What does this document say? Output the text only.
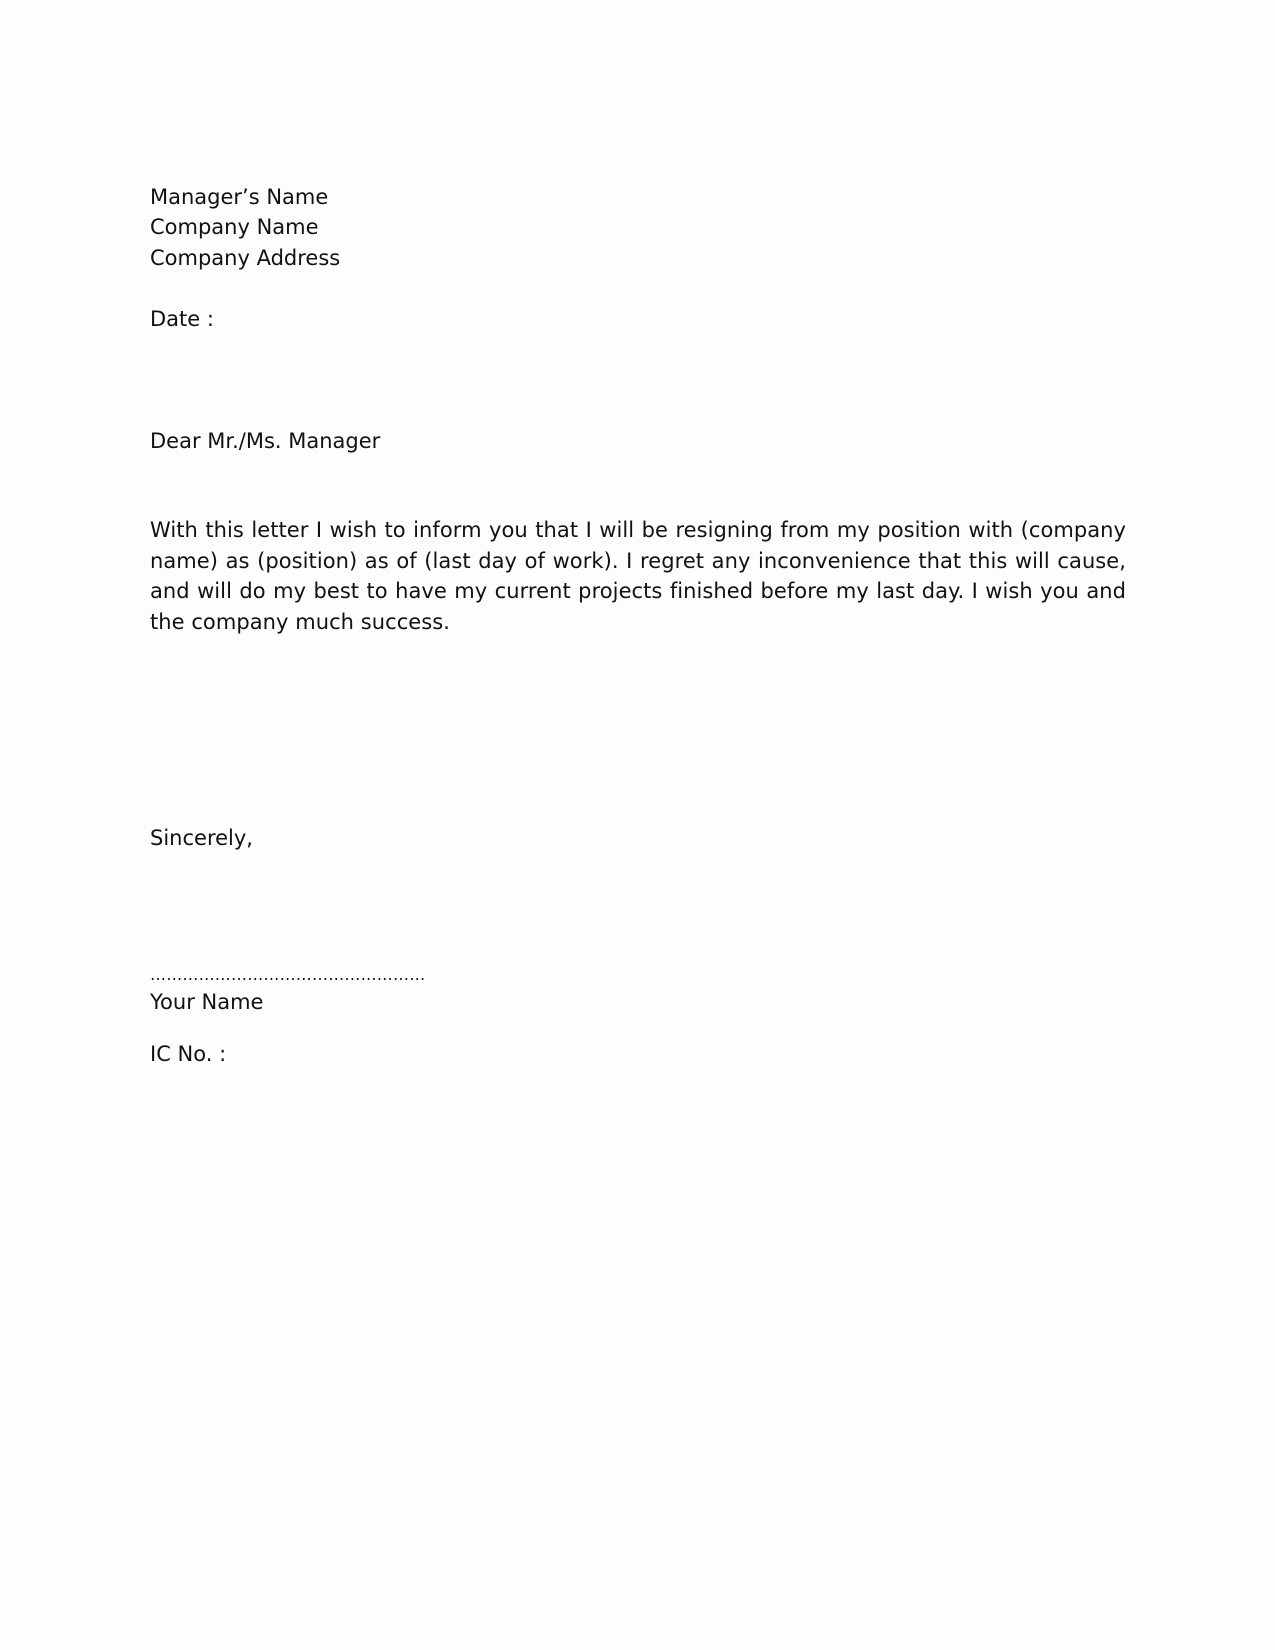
Manager’s Name

Company Name

Company Address

Date :

Dear Mr./Ms. Manager

With this letter I wish to inform you that I will be resigning from my position with (company name) as (position) as of (last day of work). I regret any inconvenience that this will cause, and will do my best to have my current projects finished before my last day. I wish you and the company much success.

Sincerely,

……………………………………………

Your Name

IC No. :
